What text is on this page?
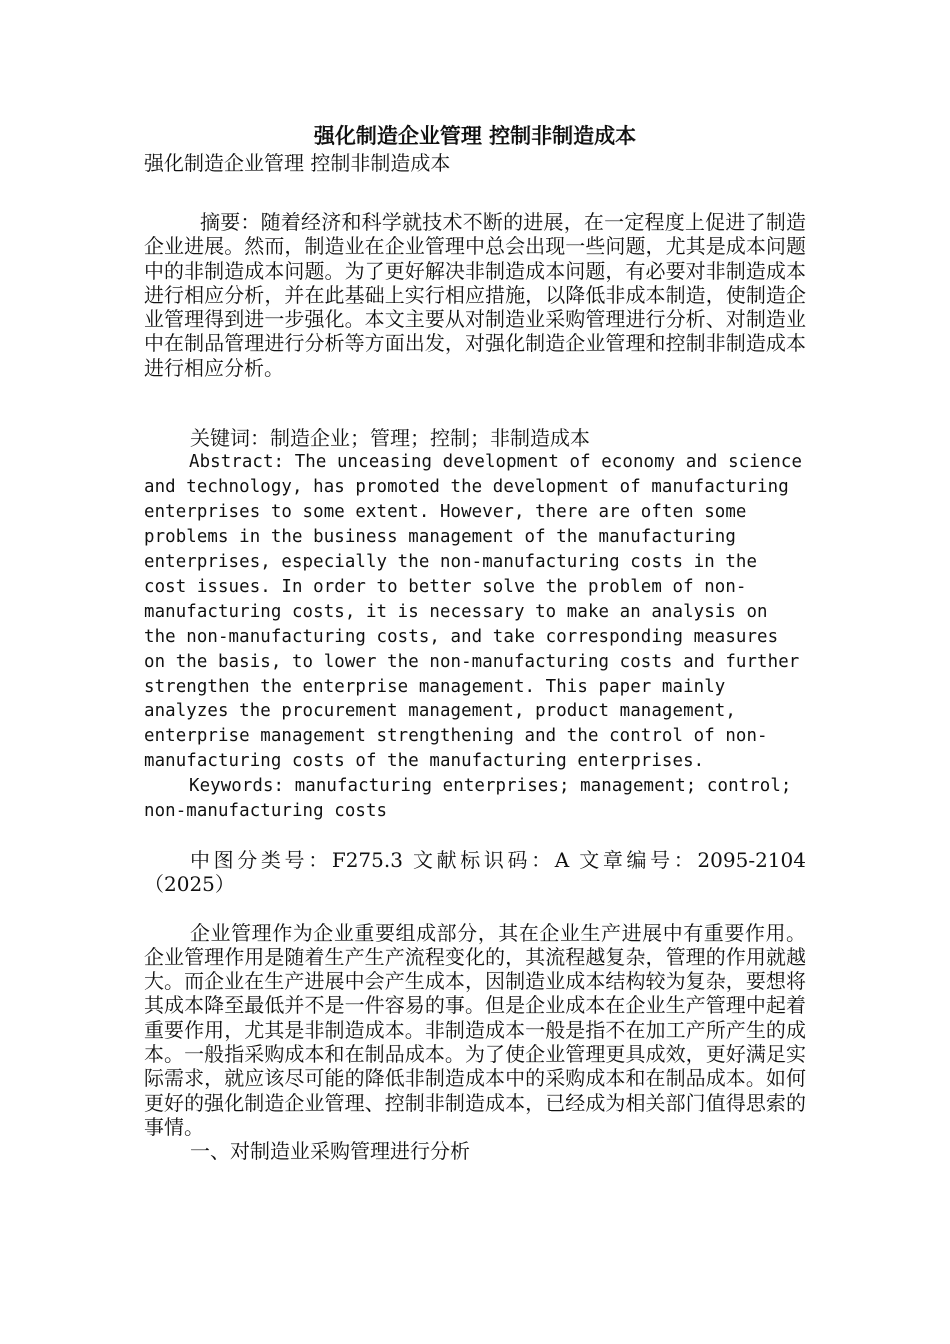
强化制造企业管理 控制非制造成本

强化制造企业管理 控制非制造成本

摘要：随着经济和科学就技术不断的进展，在一定程度上促进了制造企业进展。然而，制造业在企业管理中总会出现一些问题，尤其是成本问题中的非制造成本问题。为了更好解决非制造成本问题，有必要对非制造成本进行相应分析，并在此基础上实行相应措施，以降低非成本制造，使制造企业管理得到进一步强化。本文主要从对制造业采购管理进行分析、对制造业中在制品管理进行分析等方面出发，对强化制造企业管理和控制非制造成本进行相应分析。

关键词：制造企业；管理；控制；非制造成本

Abstract: The unceasing development of economy and science and technology, has promoted the development of manufacturing enterprises to some extent. However, there are often some problems in the business management of the manufacturing enterprises, especially the non-manufacturing costs in the cost issues. In order to better solve the problem of non-manufacturing costs, it is necessary to make an analysis on the non-manufacturing costs, and take corresponding measures on the basis, to lower the non-manufacturing costs and further strengthen the enterprise management. This paper mainly analyzes the procurement management, product management, enterprise management strengthening and the control of non-manufacturing costs of the manufacturing enterprises.

Keywords: manufacturing enterprises; management; control; non-manufacturing costs

中图分类号：F275.3 文献标识码：A 文章编号：2095-2104（2025）

企业管理作为企业重要组成部分，其在企业生产进展中有重要作用。企业管理作用是随着生产生产流程变化的，其流程越复杂，管理的作用就越大。而企业在生产进展中会产生成本，因制造业成本结构较为复杂，要想将其成本降至最低并不是一件容易的事。但是企业成本在企业生产管理中起着重要作用，尤其是非制造成本。非制造成本一般是指不在加工产所产生的成本。一般指采购成本和在制品成本。为了使企业管理更具成效，更好满足实际需求，就应该尽可能的降低非制造成本中的采购成本和在制品成本。如何更好的强化制造企业管理、控制非制造成本，已经成为相关部门值得思索的事情。

一、对制造业采购管理进行分析
